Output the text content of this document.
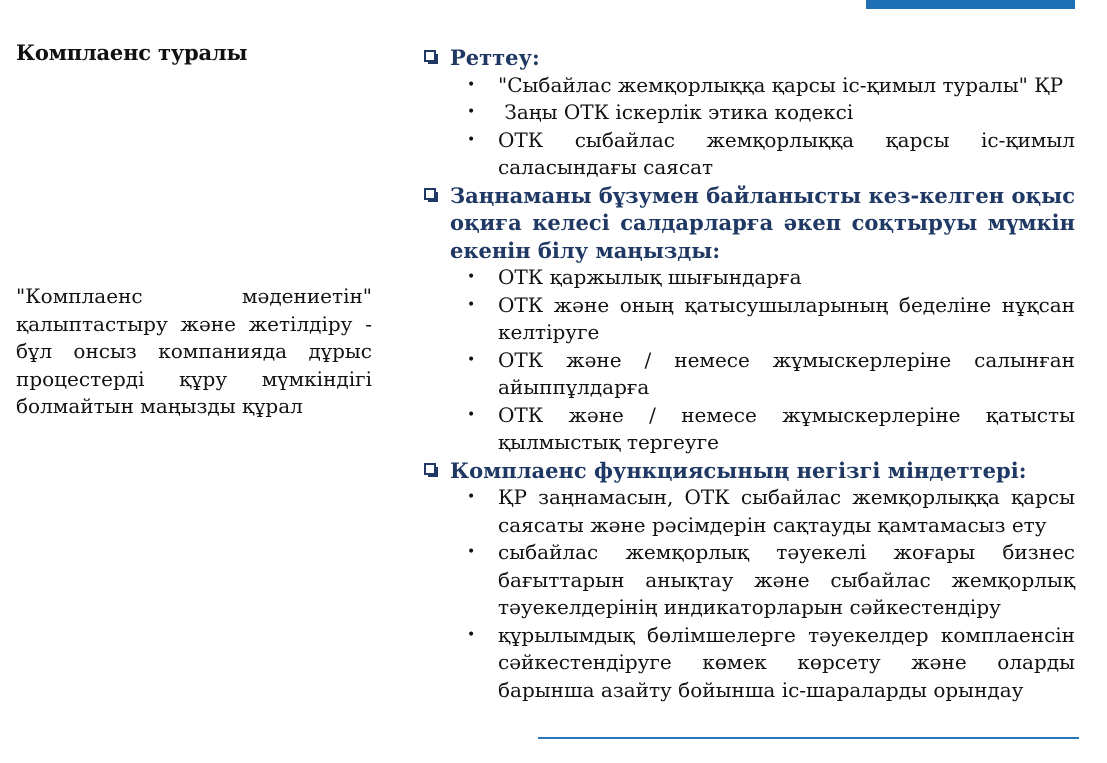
Комплаенс туралы
"Комплаенс мәдениетін" қалыптастыру және жетілдіру - бұл онсыз компанияда дұрыс процестерді құру мүмкіндігі болмайтын маңызды құрал
Реттеу:
•	"Сыбайлас жемқорлыққа қарсы іс-қимыл туралы" ҚР
•	Заңы ОТК іскерлік этика кодексі
•	ОТК сыбайлас жемқорлыққа қарсы іс-қимыл саласындағы саясат
Заңнаманы бұзумен байланысты кез-келген оқыс оқиға келесі салдарларға әкеп соқтыруы мүмкін екенін білу маңызды:
•	ОТК қаржылық шығындарға
•	ОТК және оның қатысушыларының беделіне нұқсан келтіруге
•	ОТК және / немесе жұмыскерлеріне салынған айыппұлдарға
•	ОТК және / немесе жұмыскерлеріне қатысты қылмыстық тергеуге
Комплаенс функциясының негізгі міндеттері:
•	ҚР заңнамасын, ОТК сыбайлас жемқорлыққа қарсы саясаты және рәсімдерін сақтауды қамтамасыз ету
•	сыбайлас жемқорлық тәуекелі жоғары бизнес бағыттарын анықтау және сыбайлас жемқорлық тәуекелдерінің индикаторларын сәйкестендіру
•	құрылымдық бөлімшелерге тәуекелдер комплаенсін сәйкестендіруге көмек көрсету және оларды барынша азайту бойынша іс-шараларды орындау
